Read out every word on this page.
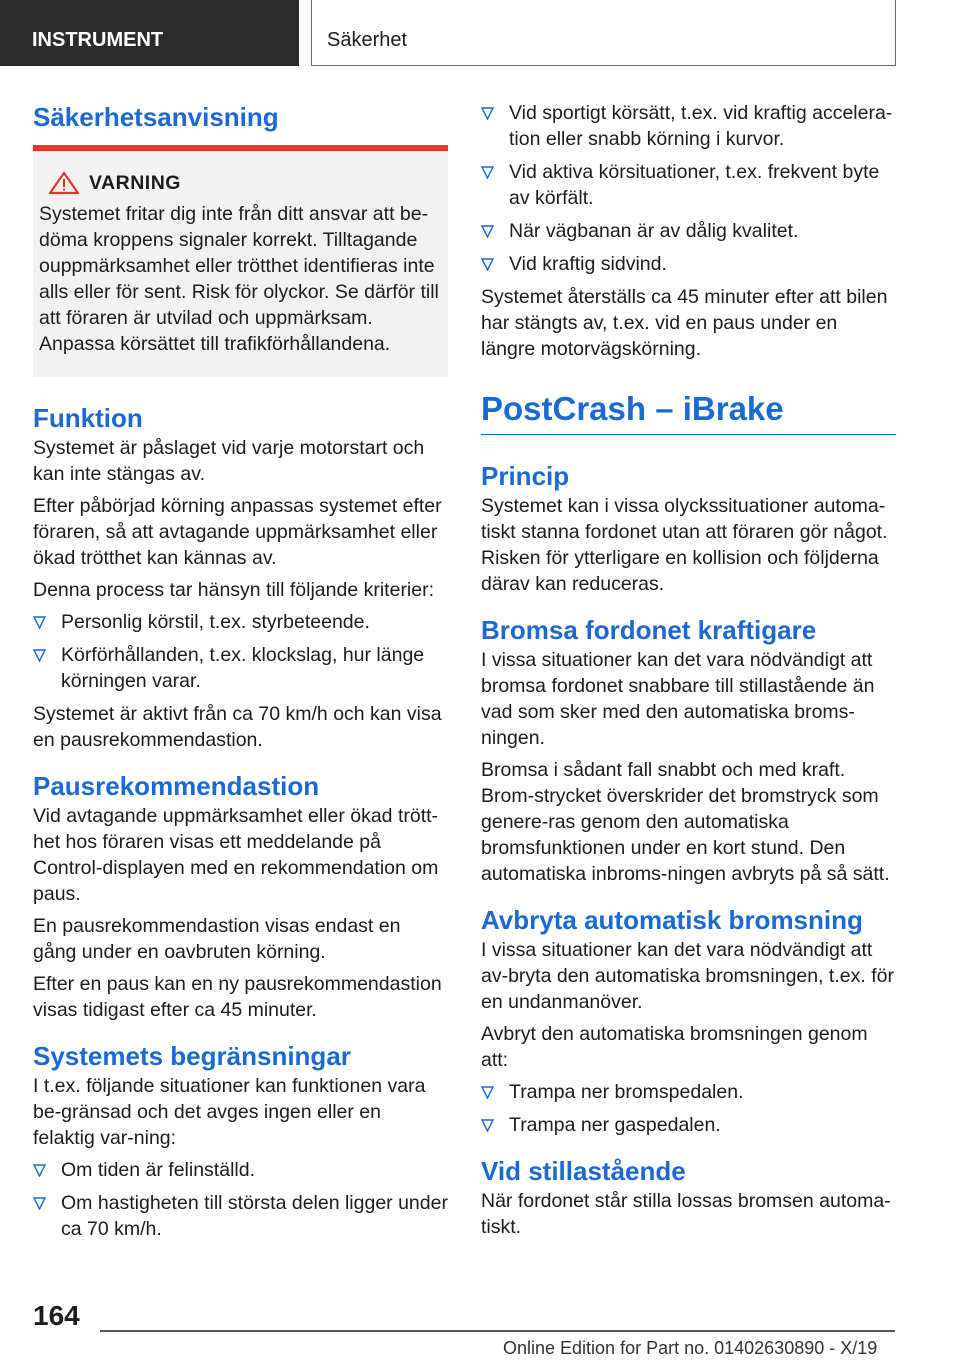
INSTRUMENT	Säkerhet
Säkerhetsanvisning
VARNING

Systemet fritar dig inte från ditt ansvar att be-döma kroppens signaler korrekt. Tilltagande ouppmärksamhet eller trötthet identifieras inte alls eller för sent. Risk för olyckor. Se därför till att föraren är utvilad och uppmärksam. Anpassa körsättet till trafikförhållandena.

Funktion

Systemet är påslaget vid varje motorstart och kan inte stängas av.

Efter påbörjad körning anpassas systemet efter föraren, så att avtagande uppmärksamhet eller ökad trötthet kan kännas av.

Denna process tar hänsyn till följande kriterier:

Personlig körstil, t.ex. styrbeteende.
Körförhållanden, t.ex. klockslag, hur länge körningen varar.

Systemet är aktivt från ca 70 km/h och kan visa en pausrekommendastion.

Pausrekommendastion

Vid avtagande uppmärksamhet eller ökad trött-het hos föraren visas ett meddelande på Control-displayen med en rekommendation om paus.

En pausrekommendastion visas endast en gång under en oavbruten körning.

Efter en paus kan en ny pausrekommendastion visas tidigast efter ca 45 minuter.

Systemets begränsningar

I t.ex. följande situationer kan funktionen vara be-gränsad och det avges ingen eller en felaktig var-ning:

Om tiden är felinställd.
Om hastigheten till största delen ligger under ca 70 km/h.
Vid sportigt körsätt, t.ex. vid kraftig accelera-tion eller snabb körning i kurvor.
Vid aktiva körsituationer, t.ex. frekvent byte av körfält.
När vägbanan är av dålig kvalitet.
Vid kraftig sidvind.

Systemet återställs ca 45 minuter efter att bilen har stängts av, t.ex. vid en paus under en längre motorvägskörning.

PostCrash – iBrake
Princip

Systemet kan i vissa olyckssituationer automa-tiskt stanna fordonet utan att föraren gör något. Risken för ytterligare en kollision och följderna därav kan reduceras.

Bromsa fordonet kraftigare

I vissa situationer kan det vara nödvändigt att bromsa fordonet snabbare till stillastående än vad som sker med den automatiska broms-ningen.

Bromsa i sådant fall snabbt och med kraft. Brom-strycket överskrider det bromstryck som genere-ras genom den automatiska bromsfunktionen under en kort stund. Den automatiska inbroms-ningen avbryts på så sätt.

Avbryta automatisk bromsning

I vissa situationer kan det vara nödvändigt att av-bryta den automatiska bromsningen, t.ex. för en undanmanöver.

Avbryt den automatiska bromsningen genom att:

Trampa ner bromspedalen.
Trampa ner gaspedalen.
Vid stillastående

När fordonet står stilla lossas bromsen automa-tiskt.

164
Online Edition for Part no. 01402630890 - X/19
